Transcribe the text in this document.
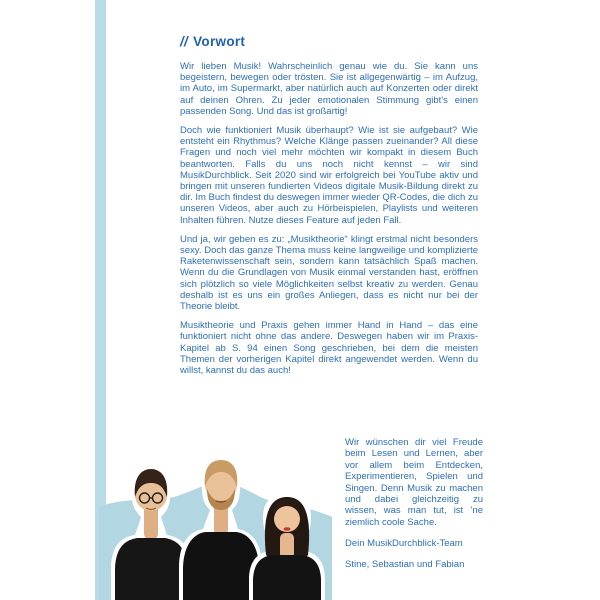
// Vorwort

Wir lieben Musik! Wahrscheinlich genau wie du. Sie kann uns begeistern, bewegen oder trösten. Sie ist allgegenwärtig – im Aufzug, im Auto, im Supermarkt, aber natürlich auch auf Konzerten oder direkt auf deinen Ohren. Zu jeder emotionalen Stimmung gibt's einen passenden Song. Und das ist großartig!

Doch wie funktioniert Musik überhaupt? Wie ist sie aufgebaut? Wie entsteht ein Rhythmus? Welche Klänge passen zueinander? All diese Fragen und noch viel mehr möchten wir kompakt in diesem Buch beantworten. Falls du uns noch nicht kennst – wir sind MusikDurchblick. Seit 2020 sind wir erfolgreich bei YouTube aktiv und bringen mit unseren fundierten Videos digitale Musik-Bildung direkt zu dir. Im Buch findest du deswegen immer wieder QR-Codes, die dich zu unseren Videos, aber auch zu Hörbeispielen, Playlists und weiteren Inhalten führen. Nutze dieses Feature auf jeden Fall.

Und ja, wir geben es zu: „Musiktheorie“ klingt erstmal nicht besonders sexy. Doch das ganze Thema muss keine langweilige und komplizierte Raketenwissenschaft sein, sondern kann tatsächlich Spaß machen. Wenn du die Grundlagen von Musik einmal verstanden hast, eröffnen sich plötzlich so viele Möglichkeiten selbst kreativ zu werden. Genau deshalb ist es uns ein großes Anliegen, dass es nicht nur bei der Theorie bleibt.

Musiktheorie und Praxis gehen immer Hand in Hand – das eine funktioniert nicht ohne das andere. Deswegen haben wir im Praxis-Kapitel ab S. 94 einen Song geschrieben, bei dem die meisten Themen der vorherigen Kapitel direkt angewendet werden. Wenn du willst, kannst du das auch!

Wir wünschen dir viel Freude beim Lesen und Lernen, aber vor allem beim Entdecken, Experimentieren, Spielen und Singen. Denn Musik zu machen und dabei gleichzeitig zu wissen, was man tut, ist ’ne ziemlich coole Sache.

Dein MusikDurchblick-Team

Stine, Sebastian und Fabian
